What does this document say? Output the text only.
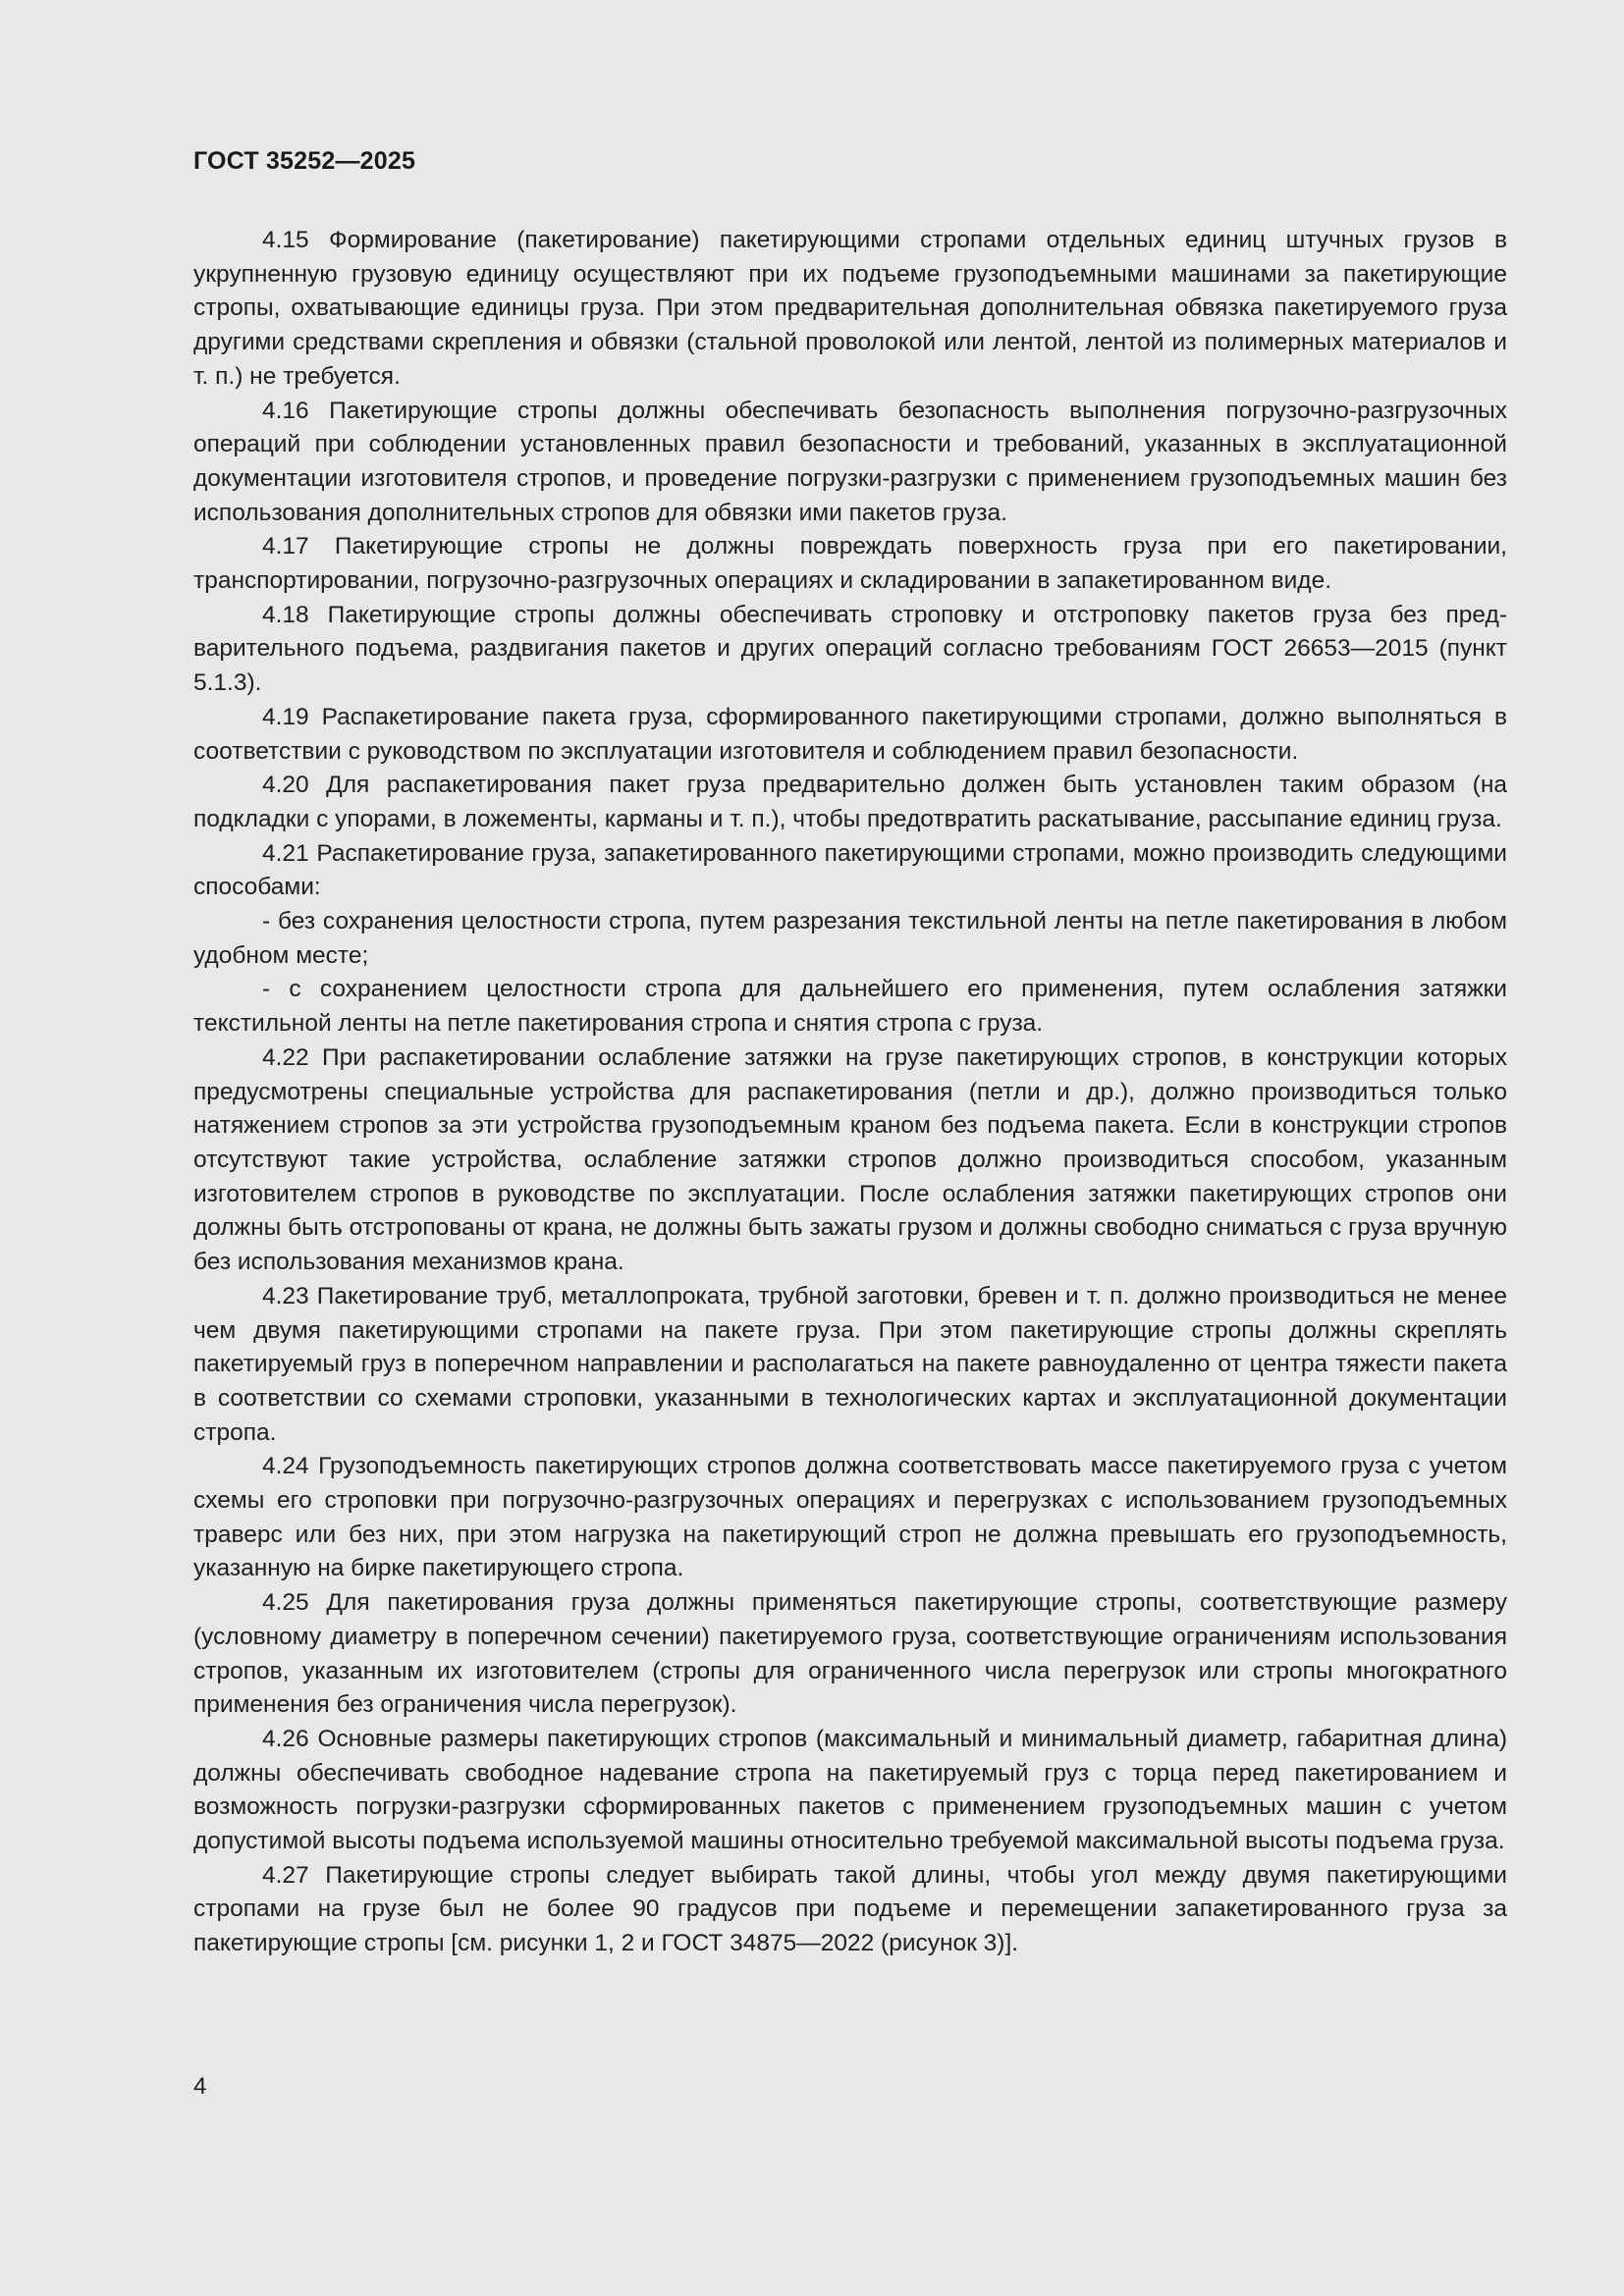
ГОСТ 35252—2025

4.15 Формирование (пакетирование) пакетирующими стропами отдельных единиц штучных грузов в укрупненную грузовую единицу осуществляют при их подъеме грузоподъемными машинами за пакетирующие стропы, охватывающие единицы груза. При этом предварительная дополнительная обвязка пакетируемого груза другими средствами скрепления и обвязки (стальной проволокой или лентой, лентой из полимерных материалов и т. п.) не требуется.

4.16 Пакетирующие стропы должны обеспечивать безопасность выполнения погрузочно-разгрузочных операций при соблюдении установленных правил безопасности и требований, указанных в эксплуатационной документации изготовителя стропов, и проведение погрузки-разгрузки с применением грузоподъемных машин без использования дополнительных стропов для обвязки ими пакетов груза.

4.17 Пакетирующие стропы не должны повреждать поверхность груза при его пакетировании, транспортировании, погрузочно-разгрузочных операциях и складировании в запакетированном виде.

4.18 Пакетирующие стропы должны обеспечивать строповку и отстроповку пакетов груза без предварительного подъема, раздвигания пакетов и других операций согласно требованиям ГОСТ 26653—2015 (пункт 5.1.3).

4.19 Распакетирование пакета груза, сформированного пакетирующими стропами, должно выполняться в соответствии с руководством по эксплуатации изготовителя и соблюдением правил безопасности.

4.20 Для распакетирования пакет груза предварительно должен быть установлен таким образом (на подкладки с упорами, в ложементы, карманы и т. п.), чтобы предотвратить раскатывание, рассыпание единиц груза.

4.21 Распакетирование груза, запакетированного пакетирующими стропами, можно производить следующими способами:

- без сохранения целостности стропа, путем разрезания текстильной ленты на петле пакетирования в любом удобном месте;

- с сохранением целостности стропа для дальнейшего его применения, путем ослабления затяжки текстильной ленты на петле пакетирования стропа и снятия стропа с груза.

4.22 При распакетировании ослабление затяжки на грузе пакетирующих стропов, в конструкции которых предусмотрены специальные устройства для распакетирования (петли и др.), должно производиться только натяжением стропов за эти устройства грузоподъемным краном без подъема пакета. Если в конструкции стропов отсутствуют такие устройства, ослабление затяжки стропов должно производиться способом, указанным изготовителем стропов в руководстве по эксплуатации. После ослабления затяжки пакетирующих стропов они должны быть отстропованы от крана, не должны быть зажаты грузом и должны свободно сниматься с груза вручную без использования механизмов крана.

4.23 Пакетирование труб, металлопроката, трубной заготовки, бревен и т. п. должно производиться не менее чем двумя пакетирующими стропами на пакете груза. При этом пакетирующие стропы должны скреплять пакетируемый груз в поперечном направлении и располагаться на пакете равноудаленно от центра тяжести пакета в соответствии со схемами строповки, указанными в технологических картах и эксплуатационной документации стропа.

4.24 Грузоподъемность пакетирующих стропов должна соответствовать массе пакетируемого груза с учетом схемы его строповки при погрузочно-разгрузочных операциях и перегрузках с использованием грузоподъемных траверс или без них, при этом нагрузка на пакетирующий строп не должна превышать его грузоподъемность, указанную на бирке пакетирующего стропа.

4.25 Для пакетирования груза должны применяться пакетирующие стропы, соответствующие размеру (условному диаметру в поперечном сечении) пакетируемого груза, соответствующие ограничениям использования стропов, указанным их изготовителем (стропы для ограниченного числа перегрузок или стропы многократного применения без ограничения числа перегрузок).

4.26 Основные размеры пакетирующих стропов (максимальный и минимальный диаметр, габаритная длина) должны обеспечивать свободное надевание стропа на пакетируемый груз с торца перед пакетированием и возможность погрузки-разгрузки сформированных пакетов с применением грузоподъемных машин с учетом допустимой высоты подъема используемой машины относительно требуемой максимальной высоты подъема груза.

4.27 Пакетирующие стропы следует выбирать такой длины, чтобы угол между двумя пакетирующими стропами на грузе был не более 90 градусов при подъеме и перемещении запакетированного груза за пакетирующие стропы [см. рисунки 1, 2 и ГОСТ 34875—2022 (рисунок 3)].

4
